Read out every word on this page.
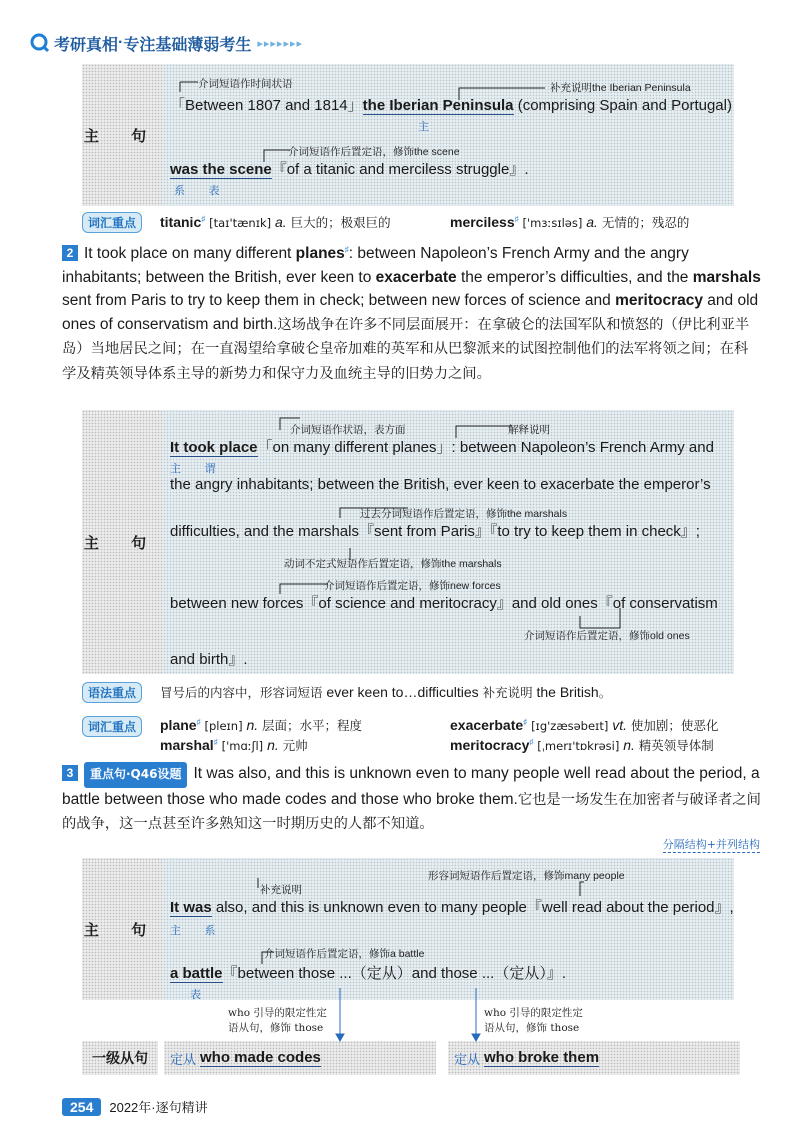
考研真相 · 专注基础薄弱考生 ▸▸▸▸▸▸▸
主 句
介词短语作时间状语	补充说明the Iberian Peninsula
「Between 1807 and 1814」the Iberian Peninsula (comprising Spain and Portugal)
主
介词短语作后置定语，修饰the scene
was the scene『of a titanic and merciless struggle』.
系 表
词汇重点	titanic♯ [taɪ'tænɪk] a. 巨大的；极艰巨的	merciless♯ ['mɜːsɪləs] a. 无情的；残忍的
2 It took place on many different planes♯: between Napoleon’s French Army and the angry inhabitants; between the British, ever keen to exacerbate the emperor’s difficulties, and the marshals sent from Paris to try to keep them in check; between new forces of science and meritocracy and old ones of conservatism and birth.这场战争在许多不同层面展开：在拿破仑的法国军队和愤怒的（伊比利亚半岛）当地居民之间；在一直渴望给拿破仑皇帝加难的英军和从巴黎派来的试图控制他们的法军将领之间；在科学及精英领导体系主导的新势力和保守力及血统主导的旧势力之间。
主 句
介词短语作状语，表方面	解释说明
It took place「on many different planes」: between Napoleon’s French Army and
主 谓
the angry inhabitants; between the British, ever keen to exacerbate the emperor’s
过去分词短语作后置定语，修饰the marshals
difficulties, and the marshals『sent from Paris』『to try to keep them in check』;
动词不定式短语作后置定语，修饰the marshals
介词短语作后置定语，修饰new forces
between new forces『of science and meritocracy』and old ones『of conservatism
介词短语作后置定语，修饰old ones
and birth』.
语法重点	冒号后的内容中，形容词短语 ever keen to…difficulties 补充说明 the British。
词汇重点	plane♯ [pleɪn] n. 层面；水平；程度	exacerbate♯ [ɪg'zæsəbeɪt] vt. 使加剧；使恶化
marshal♯ ['mɑːʃl] n. 元帅	meritocracy♯ [ˌmerɪ'tɒkrəsi] n. 精英领导体制
3 重点句·Q46设题 It was also, and this is unknown even to many people well read about the period, a battle between those who made codes and those who broke them.它也是一场发生在加密者与破译者之间的战争，这一点甚至许多熟知这一时期历史的人都不知道。
分隔结构+并列结构
主 句
形容词短语作后置定语，修饰many people
补充说明
It was also, and this is unknown even to many people『well read about the period』,
主 系
介词短语作后置定语，修饰a battle
a battle『between those ...（定从）and those ...（定从）』.
表
who 引导的限定性定
语从句，修饰 those
who 引导的限定性定
语从句，修饰 those
一级从句	定从 who made codes	定从 who broke them
254	2022年·逐句精讲
